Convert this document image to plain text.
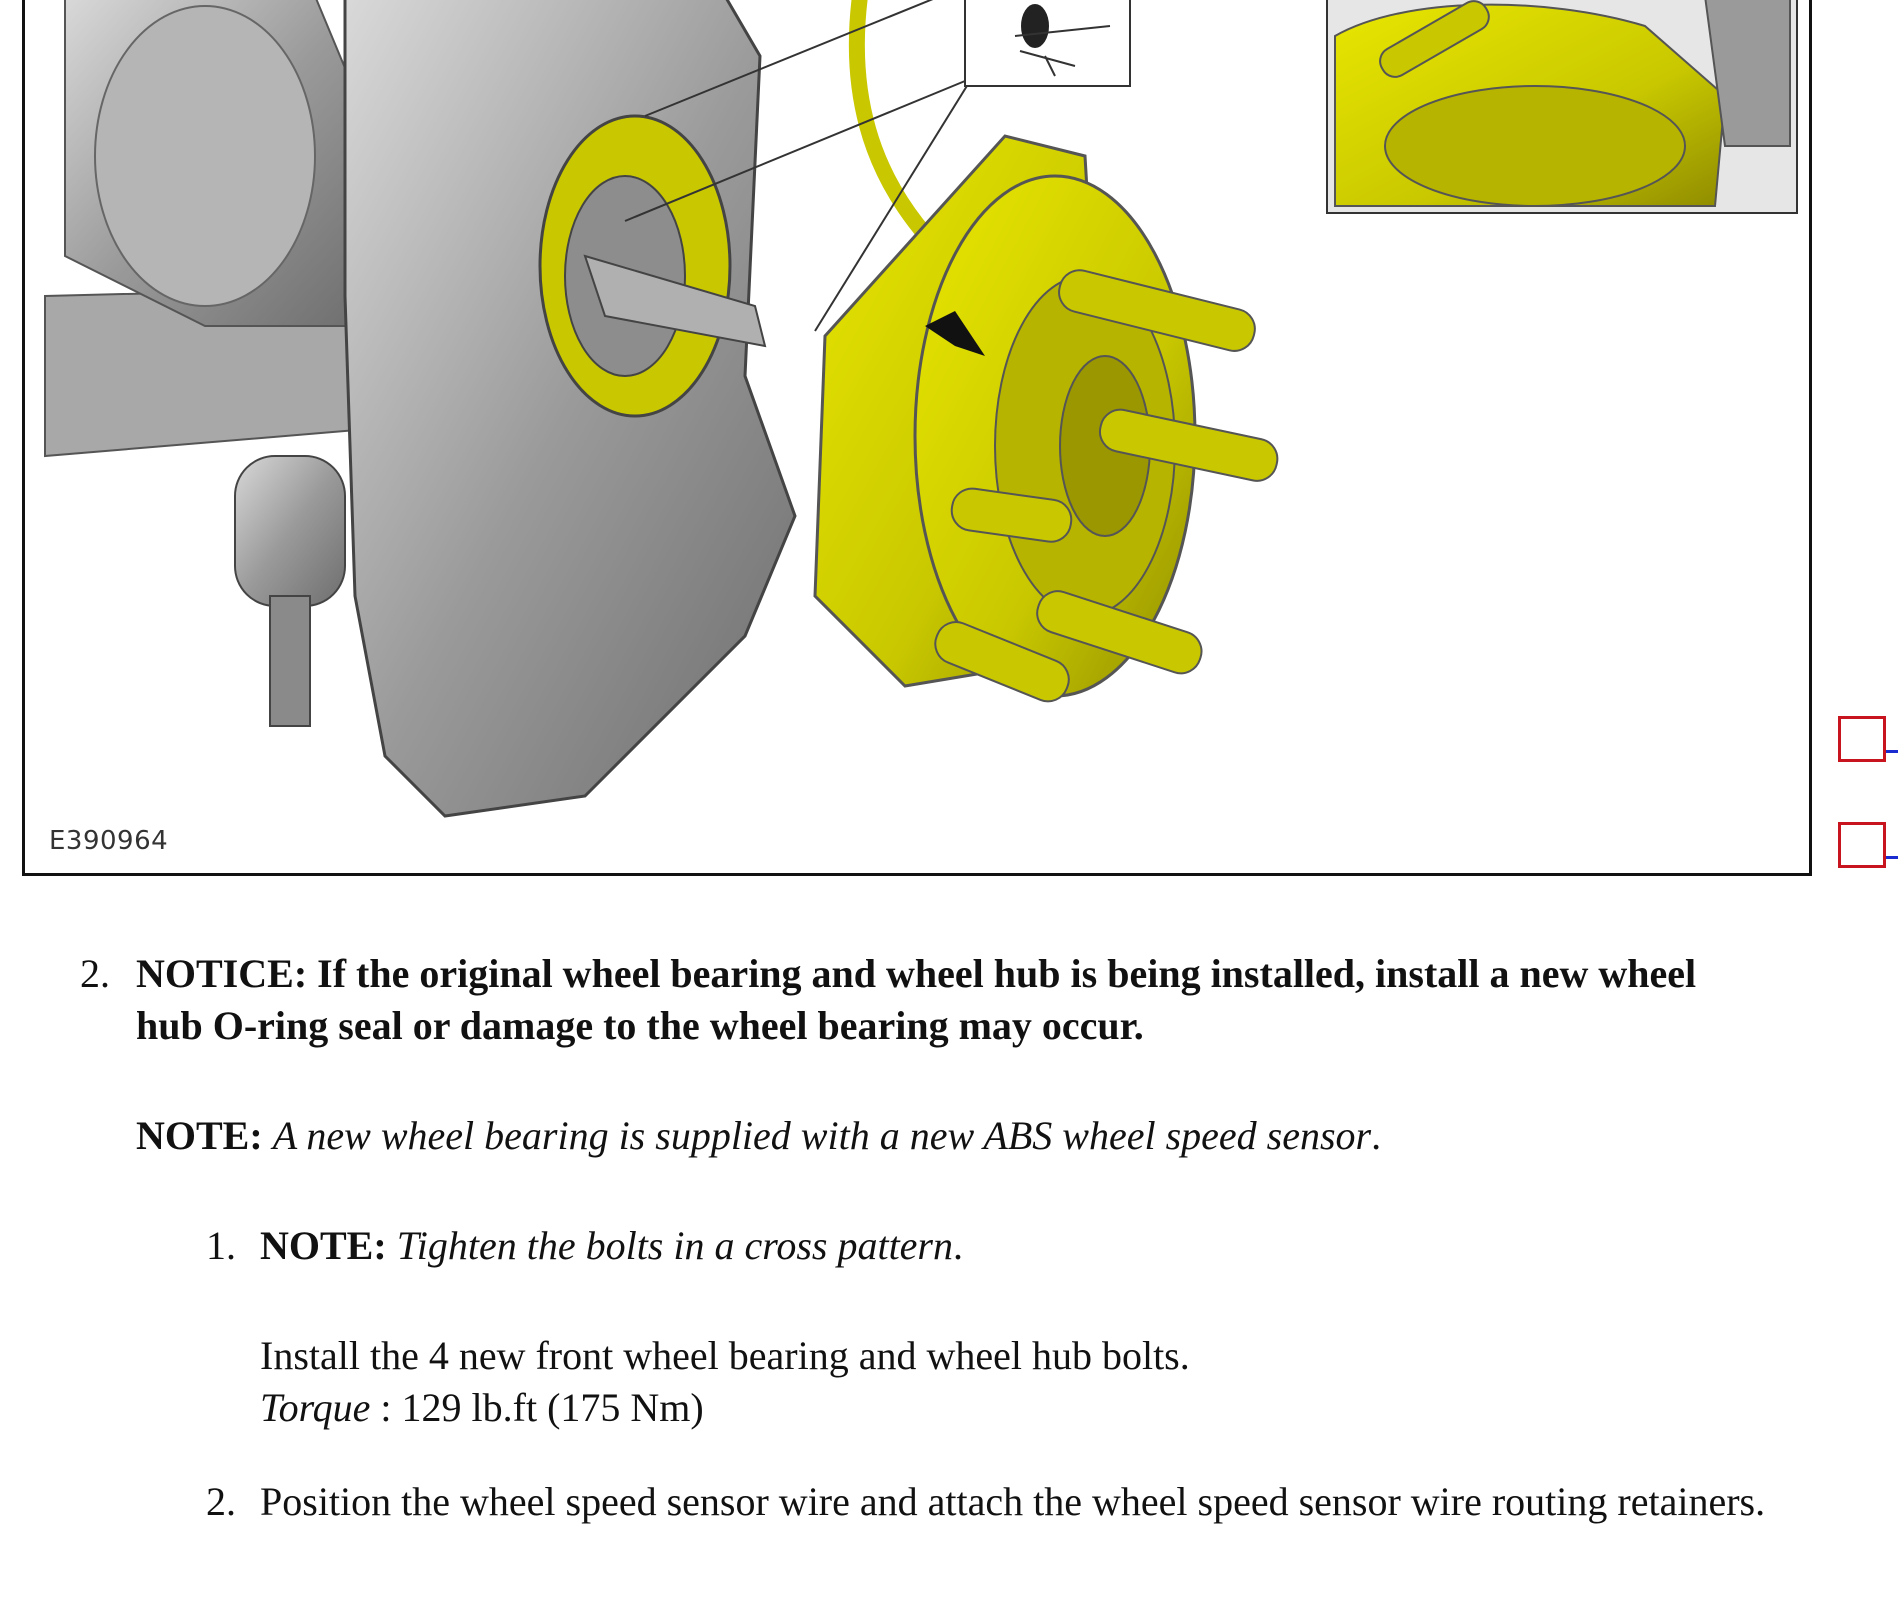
E390964
2. NOTICE: If the original wheel bearing and wheel hub is being installed, install a new wheel
hub O-ring seal or damage to the wheel bearing may occur.
NOTE: A new wheel bearing is supplied with a new ABS wheel speed sensor.
1. NOTE: Tighten the bolts in a cross pattern.
Install the 4 new front wheel bearing and wheel hub bolts.
Torque : 129 lb.ft (175 Nm)
2. Position the wheel speed sensor wire and attach the wheel speed sensor wire routing retainers.
